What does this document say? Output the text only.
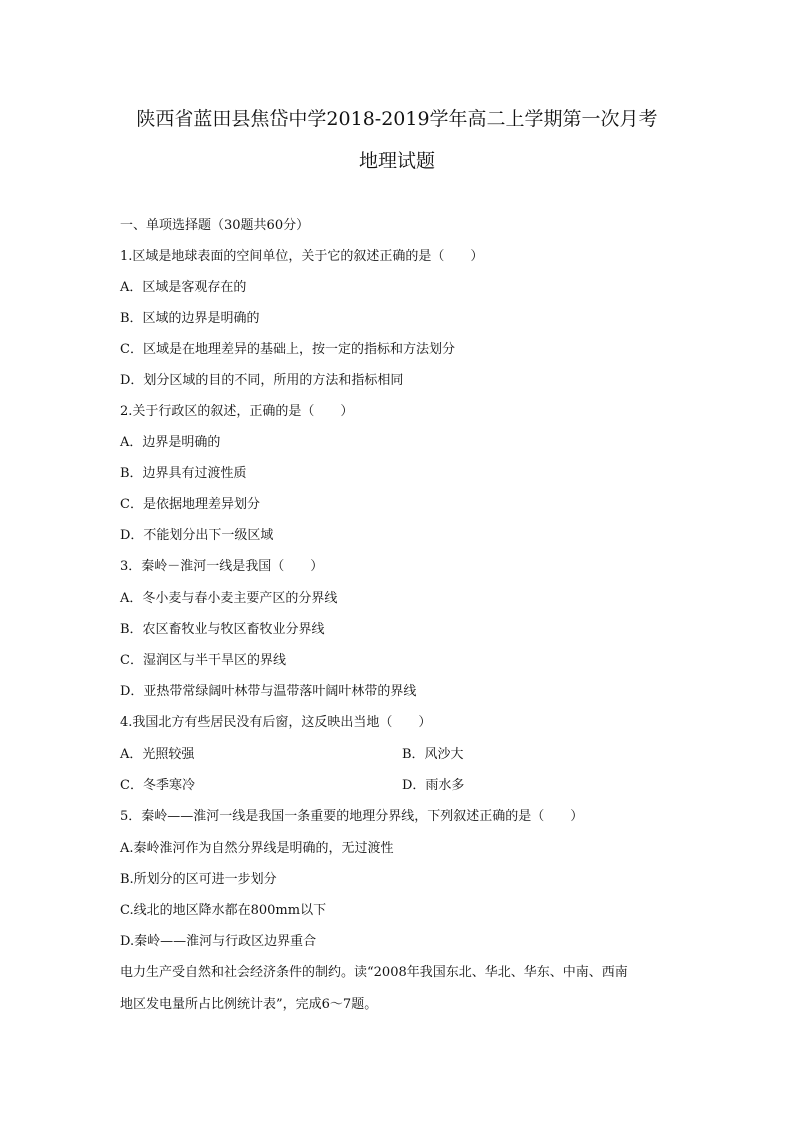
陕西省蓝田县焦岱中学2018-2019学年高二上学期第一次月考
地理试题
一、单项选择题（30题共60分）
1.区域是地球表面的空间单位，关于它的叙述正确的是（　　）
A．区域是客观存在的
B．区域的边界是明确的
C．区域是在地理差异的基础上，按一定的指标和方法划分
D．划分区域的目的不同，所用的方法和指标相同
2.关于行政区的叙述，正确的是（　　）
A．边界是明确的
B．边界具有过渡性质
C．是依据地理差异划分
D．不能划分出下一级区域
3．秦岭－淮河一线是我国（　　）
A．冬小麦与春小麦主要产区的分界线
B．农区畜牧业与牧区畜牧业分界线
C．湿润区与半干旱区的界线
D．亚热带常绿阔叶林带与温带落叶阔叶林带的界线
4.我国北方有些居民没有后窗，这反映出当地（　　）
A．光照较强	B．风沙大
C．冬季寒冷	D．雨水多
5．秦岭——淮河一线是我国一条重要的地理分界线，下列叙述正确的是（　　）
A.秦岭淮河作为自然分界线是明确的，无过渡性
B.所划分的区可进一步划分
C.线北的地区降水都在800mm以下
D.秦岭——淮河与行政区边界重合
电力生产受自然和社会经济条件的制约。读“2008年我国东北、华北、华东、中南、西南
地区发电量所占比例统计表”，完成6～7题。
